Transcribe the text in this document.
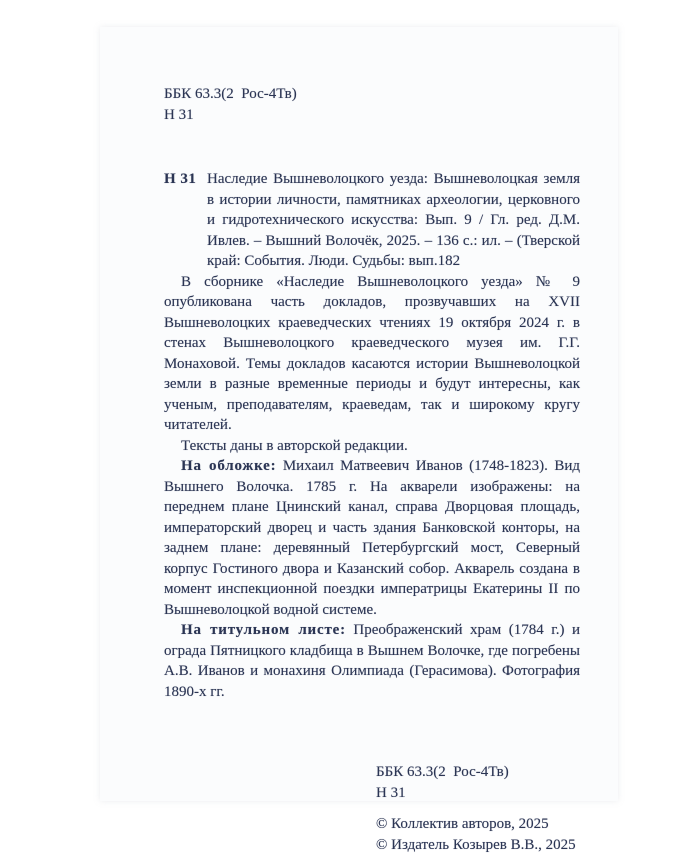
ББК 63.3(2  Рос-4Тв)
Н 31
Н 31 Наследие Вышневолоцкого уезда: Вышневолоцкая земля в истории личности, памятниках археологии, церковного и гидротехнического искусства: Вып. 9 / Гл. ред. Д.М. Ивлев. – Вышний Волочёк, 2025. – 136 с.: ил. – (Тверской край: События. Люди. Судьбы: вып.182

В сборнике «Наследие Вышневолоцкого уезда» № 9 опубликована часть докладов, прозвучавших на XVII Вышневолоцких краеведческих чтениях 19 октября 2024 г. в стенах Вышневолоцкого краеведческого музея им. Г.Г. Монаховой. Темы докладов касаются истории Вышневолоцкой земли в разные временные периоды и будут интересны, как ученым, преподавателям, краеведам, так и широкому кругу читателей.

Тексты даны в авторской редакции.

На обложке: Михаил Матвеевич Иванов (1748-1823). Вид Вышнего Волочка. 1785 г. На акварели изображены: на переднем плане Цнинский канал, справа Дворцовая площадь, императорский дворец и часть здания Банковской конторы, на заднем плане: деревянный Петербургский мост, Северный корпус Гостиного двора и Казанский собор. Акварель создана в момент инспекционной поездки императрицы Екатерины II по Вышневолоцкой водной системе.

На титульном листе: Преображенский храм (1784 г.) и ограда Пятницкого кладбища в Вышнем Волочке, где погребены А.В. Иванов и монахиня Олимпиада (Герасимова). Фотография 1890-х гг.

ББК 63.3(2  Рос-4Тв)
Н 31
© Коллектив авторов, 2025
© Издатель Козырев В.В., 2025
